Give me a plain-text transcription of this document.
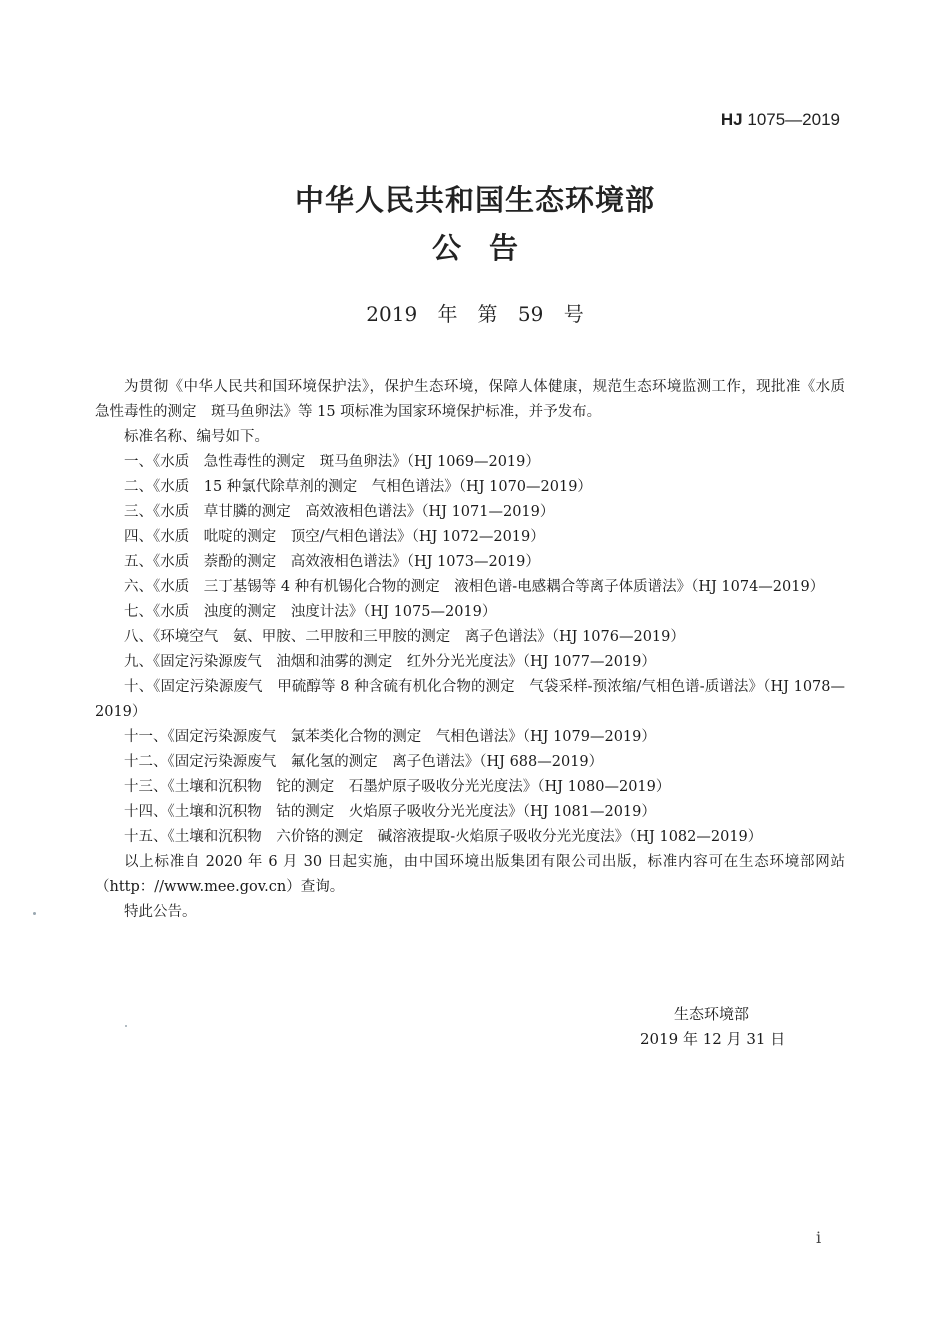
HJ 1075—2019
中华人民共和国生态环境部
公告
2019 年　第 59 号

为贯彻《中华人民共和国环境保护法》，保护生态环境，保障人体健康，规范生态环境监测工作，现批准《水质　急性毒性的测定　斑马鱼卵法》等 15 项标准为国家环境保护标准，并予发布。

标准名称、编号如下。

一、《水质　急性毒性的测定　斑马鱼卵法》（HJ 1069—2019）

二、《水质　15 种氯代除草剂的测定　气相色谱法》（HJ 1070—2019）

三、《水质　草甘膦的测定　高效液相色谱法》（HJ 1071—2019）

四、《水质　吡啶的测定　顶空/气相色谱法》（HJ 1072—2019）

五、《水质　萘酚的测定　高效液相色谱法》（HJ 1073—2019）

六、《水质　三丁基锡等 4 种有机锡化合物的测定　液相色谱-电感耦合等离子体质谱法》（HJ 1074—2019）

七、《水质　浊度的测定　浊度计法》（HJ 1075—2019）

八、《环境空气　氨、甲胺、二甲胺和三甲胺的测定　离子色谱法》（HJ 1076—2019）

九、《固定污染源废气　油烟和油雾的测定　红外分光光度法》（HJ 1077—2019）

十、《固定污染源废气　甲硫醇等 8 种含硫有机化合物的测定　气袋采样-预浓缩/气相色谱-质谱法》（HJ 1078—2019）

十一、《固定污染源废气　氯苯类化合物的测定　气相色谱法》（HJ 1079—2019）

十二、《固定污染源废气　氟化氢的测定　离子色谱法》（HJ 688—2019）

十三、《土壤和沉积物　铊的测定　石墨炉原子吸收分光光度法》（HJ 1080—2019）

十四、《土壤和沉积物　钴的测定　火焰原子吸收分光光度法》（HJ 1081—2019）

十五、《土壤和沉积物　六价铬的测定　碱溶液提取-火焰原子吸收分光光度法》（HJ 1082—2019）

以上标准自 2020 年 6 月 30 日起实施，由中国环境出版集团有限公司出版，标准内容可在生态环境部网站（http：//www.mee.gov.cn）查询。

特此公告。

生态环境部
2019 年 12 月 31 日
i
